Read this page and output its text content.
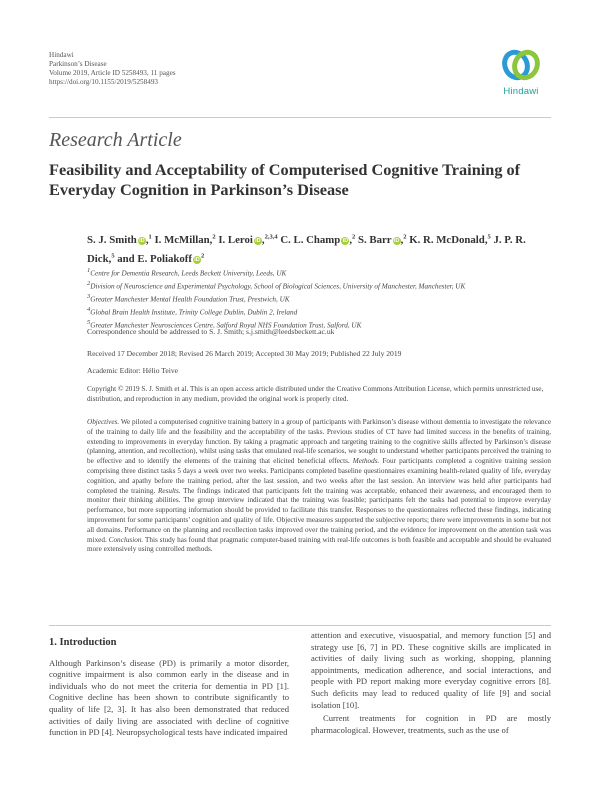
Hindawi
Parkinson’s Disease
Volume 2019, Article ID 5258493, 11 pages
https://doi.org/10.1155/2019/5258493
Hindawi
Research Article
Feasibility and Acceptability of Computerised Cognitive Training of Everyday Cognition in Parkinson’s Disease
S. J. Smith iD,$^1$ I. McMillan,$^2$ I. Leroi iD,$^{2,3,4}$ C. L. Champ iD,$^2$ S. Barr iD,$^2$ K. R. McDonald,$^5$ J. P. R. Dick,$^5$ and E. Poliakoff $iD^2$
$^1$Centre for Dementia Research, Leeds Beckett University, Leeds, UK
$^2$Division of Neuroscience and Experimental Psychology, School of Biological Sciences, University of Manchester, Manchester, UK
$^3$Greater Manchester Mental Health Foundation Trust, Prestwich, UK
$^4$Global Brain Health Institute, Trinity College Dublin, Dublin 2, Ireland
$^5$Greater Manchester Neurosciences Centre, Salford Royal NHS Foundation Trust, Salford, UK
Correspondence should be addressed to S. J. Smith; s.j.smith@leedsbeckett.ac.uk
Received 17 December 2018; Revised 26 March 2019; Accepted 30 May 2019; Published 22 July 2019
Academic Editor: Hélio Teive
Copyright © 2019 S. J. Smith et al. This is an open access article distributed under the Creative Commons Attribution License, which permits unrestricted use, distribution, and reproduction in any medium, provided the original work is properly cited.
Objectives. We piloted a computerised cognitive training battery in a group of participants with Parkinson’s disease without dementia to investigate the relevance of the training to daily life and the feasibility and the acceptability of the tasks. Previous studies of CT have had limited success in the benefits of training, extending to improvements in everyday function. By taking a pragmatic approach and targeting training to the cognitive skills affected by Parkinson’s disease (planning, attention, and recollection), whilst using tasks that emulated real-life scenarios, we sought to understand whether participants perceived the training to be effective and to identify the elements of the training that elicited beneficial effects. Methods. Four participants completed a cognitive training session comprising three distinct tasks 5 days a week over two weeks. Participants completed baseline questionnaires examining health-related quality of life, everyday cognition, and apathy before the training period, after the last session, and two weeks after the last session. An interview was held after participants had completed the training. Results. The findings indicated that participants felt the training was acceptable, enhanced their awareness, and encouraged them to monitor their thinking abilities. The group interview indicated that the training was feasible; participants felt the tasks had potential to improve everyday performance, but more supporting information should be provided to facilitate this transfer. Responses to the questionnaires reflected these findings, indicating improvement for some participants’ cognition and quality of life. Objective measures supported the subjective reports; there were improvements in some but not all domains. Performance on the planning and recollection tasks improved over the training period, and the evidence for improvement on the attention task was mixed. Conclusion. This study has found that pragmatic computer-based training with real-life outcomes is both feasible and acceptable and should be evaluated more extensively using controlled methods.
1. Introduction

Although Parkinson’s disease (PD) is primarily a motor disorder, cognitive impairment is also common early in the disease and in individuals who do not meet the criteria for dementia in PD [1]. Cognitive decline has been shown to contribute significantly to quality of life [2, 3]. It has also been demonstrated that reduced activities of daily living are associated with decline of cognitive function in PD [4]. Neuropsychological tests have indicated impaired

attention and executive, visuospatial, and memory function [5] and strategy use [6, 7] in PD. These cognitive skills are implicated in activities of daily living such as working, shopping, planning appointments, medication adherence, and social interactions, and people with PD report making more everyday cognitive errors [8]. Such deficits may lead to reduced quality of life [9] and social isolation [10].

Current treatments for cognition in PD are mostly pharmacological. However, treatments, such as the use of
